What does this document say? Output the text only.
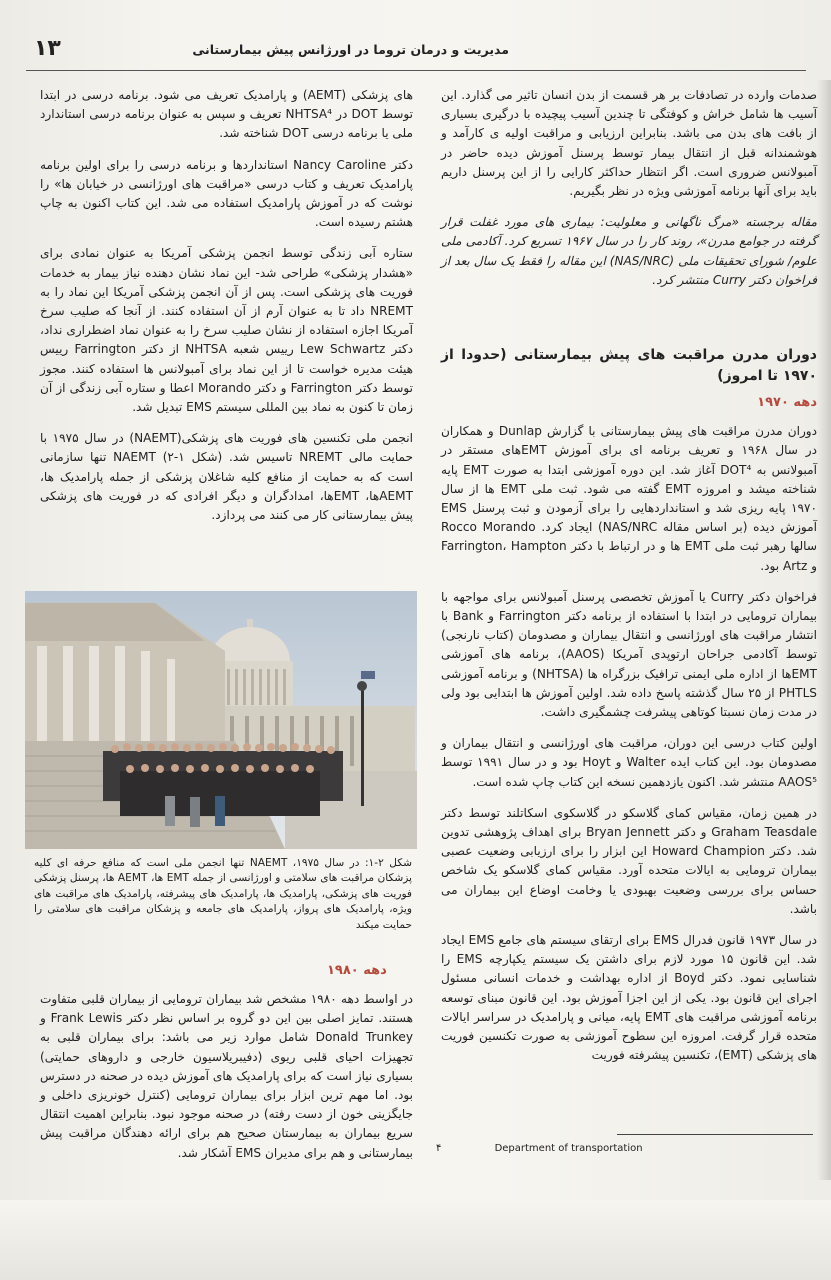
۱۳	مدیریت و درمان تروما در اورژانس پیش بیمارستانی

صدمات وارده در تصادفات بر هر قسمت از بدن انسان تاثیر می گذارد. این آسیب ها شامل خراش و کوفتگی تا چندین آسیب پیچیده با درگیری بسیاری از بافت های بدن می باشد. بنابراین ارزیابی و مراقبت اولیه ی کارآمد و هوشمندانه قبل از انتقال بیمار توسط پرسنل آموزش دیده حاضر در آمبولانس ضروری است. اگر انتظار حداکثر کارایی را از این پرسنل داریم باید برای آنها برنامه آموزشی ویژه در نظر بگیریم.

مقاله برجسته «مرگ ناگهانی و معلولیت: بیماری های مورد غفلت قرار گرفته در جوامع مدرن»، روند کار را در سال ۱۹۶۷ تسریع کرد. آکادمی ملی علوم/ شورای تحقیقات ملی (NAS/NRC) این مقاله را فقط یک سال بعد از فراخوان دکتر Curry منتشر کرد.

دوران مدرن مراقبت های پیش بیمارستانی (حدودا از ۱۹۷۰ تا امروز)
دهه ۱۹۷۰

دوران مدرن مراقبت های پیش بیمارستانی با گزارش Dunlap و همکاران در سال ۱۹۶۸ و تعریف برنامه ای برای آموزش EMTهای مستقر در آمبولانس به DOT⁴ آغاز شد. این دوره آموزشی ابتدا به صورت EMT پایه شناخته میشد و امروزه EMT گفته می شود. ثبت ملی EMT ها از سال ۱۹۷۰ پایه ریزی شد و استانداردهایی را برای آزمودن و ثبت پرسنل EMS آموزش دیده (بر اساس مقاله NAS/NRC) ایجاد کرد. Rocco Morando سالها رهبر ثبت ملی EMT ها و در ارتباط با دکتر Farrington، Hampton و Artz بود.

فراخوان دکتر Curry یا آموزش تخصصی پرسنل آمبولانس برای مواجهه با بیماران ترومایی در ابتدا با استفاده از برنامه دکتر Farrington و Bank با انتشار مراقبت های اورژانسی و انتقال بیماران و مصدومان (کتاب نارنجی) توسط آکادمی جراحان ارتوپدی آمریکا (AAOS)، برنامه های آموزشی EMTها از اداره ملی ایمنی ترافیک بزرگراه ها (NHTSA) و برنامه آموزشی PHTLS از ۲۵ سال گذشته پاسخ داده شد. اولین آموزش ها ابتدایی بود ولی در مدت زمان نسبتا کوتاهی پیشرفت چشمگیری داشت.

اولین کتاب درسی این دوران، مراقبت های اورژانسی و انتقال بیماران و مصدومان بود. این کتاب ایده Walter و Hoyt بود و در سال ۱۹۹۱ توسط AAOS⁵ منتشر شد. اکنون یازدهمین نسخه این کتاب چاپ شده است.

در همین زمان، مقیاس کمای گلاسکو در گلاسکوی اسکاتلند توسط دکتر Graham Teasdale و دکتر Bryan Jennett برای اهداف پژوهشی تدوین شد. دکتر Howard Champion این ابزار را برای ارزیابی وضعیت عصبی بیماران ترومایی به ایالات متحده آورد. مقیاس کمای گلاسکو یک شاخص حساس برای بررسی وضعیت بهبودی یا وخامت اوضاع این بیماران می باشد.

در سال ۱۹۷۳ قانون فدرال EMS برای ارتقای سیستم های جامع EMS ایجاد شد. این قانون ۱۵ مورد لازم برای داشتن یک سیستم یکپارچه EMS را شناسایی نمود. دکتر Boyd از اداره بهداشت و خدمات انسانی مسئول اجرای این قانون بود. یکی از این اجزا آموزش بود. این قانون مبنای توسعه برنامه آموزشی مراقبت های EMT پایه، میانی و پارامدیک در سراسر ایالات متحده قرار گرفت. امروزه این سطوح آموزشی به صورت تکنسین فوریت های پزشکی (EMT)، تکنسین پیشرفته فوریت

های پزشکی (AEMT) و پارامدیک تعریف می شود. برنامه درسی در ابتدا توسط DOT در NHTSA⁴ تعریف و سپس به عنوان برنامه درسی استاندارد ملی یا برنامه درسی DOT شناخته شد.

دکتر Nancy Caroline استانداردها و برنامه درسی را برای اولین برنامه پارامدیک تعریف و کتاب درسی «مراقبت های اورژانسی در خیابان ها» را نوشت که در آموزش پارامدیک استفاده می شد. این کتاب اکنون به چاپ هشتم رسیده است.

ستاره آبی زندگی توسط انجمن پزشکی آمریکا به عنوان نمادی برای «هشدار پزشکی» طراحی شد- این نماد نشان دهنده نیاز بیمار به خدمات فوریت های پزشکی است. پس از آن انجمن پزشکی آمریکا این نماد را به NREMT داد تا به عنوان آرم از آن استفاده کنند. از آنجا که صلیب سرخ آمریکا اجازه استفاده از نشان صلیب سرخ را به عنوان نماد اضطراری نداد، دکتر Lew Schwartz رییس شعبه NHTSA از دکتر Farrington رییس هیئت مدیره خواست تا از این نماد برای آمبولانس ها استفاده کنند. مجوز توسط دکتر Farrington و دکتر Morando اعطا و ستاره آبی زندگی از آن زمان تا کنون به نماد بین المللی سیستم EMS تبدیل شد.

انجمن ملی تکنسین های فوریت های پزشکی(NAEMT) در سال ۱۹۷۵ با حمایت مالی NREMT تاسیس شد. (شکل ۱-۲) NAEMT تنها سازمانی است که به حمایت از منافع کلیه شاغلان پزشکی از جمله پارامدیک ها، AEMTها، EMTها، امدادگران و دیگر افرادی که در فوریت های پزشکی پیش بیمارستانی کار می کنند می پردازد.

شکل ۲-۱: در سال ۱۹۷۵، NAEMT تنها انجمن ملی است که منافع حرفه ای کلیه پزشکان مراقبت های سلامتی و اورژانسی از جمله EMT ها، AEMT ها، پرسنل پزشکی فوریت های پزشکی، پارامدیک ها، پارامدیک های پیشرفته، پارامدیک های مراقبت های ویژه، پارامدیک های پرواز، پارامدیک های جامعه و پزشکان مراقبت های سلامتی را حمایت میکند
دهه ۱۹۸۰

در اواسط دهه ۱۹۸۰ مشخص شد بیماران ترومایی از بیماران قلبی متفاوت هستند. تمایز اصلی بین این دو گروه بر اساس نظر دکتر Frank Lewis و Donald Trunkey شامل موارد زیر می باشد: برای بیماران قلبی به تجهیزات احیای قلبی ریوی (دفیبریلاسیون خارجی و داروهای حمایتی) بسیاری نیاز است که برای پارامدیک های آموزش دیده در صحنه در دسترس بود. اما مهم ترین ابزار برای بیماران ترومایی (کنترل خونریزی داخلی و جایگزینی خون از دست رفته) در صحنه موجود نبود. بنابراین اهمیت انتقال سریع بیماران به بیمارستان صحیح هم برای ارائه دهندگان مراقبت پیش بیمارستانی و هم برای مدیران EMS آشکار شد. ۴	Department of transportation
